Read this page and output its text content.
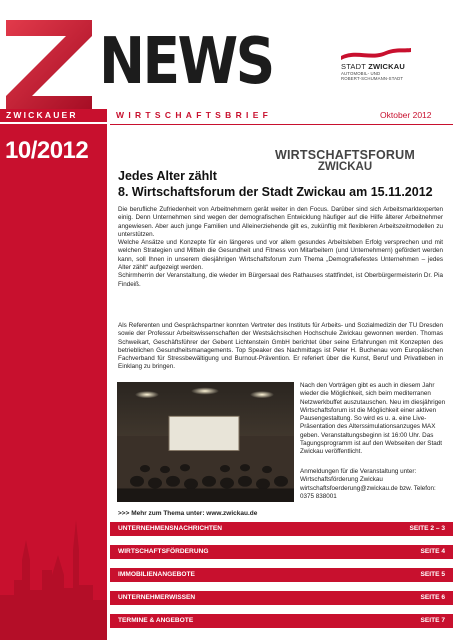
NEWS	STADT ZWICKAU
AUTOMOBIL- UND
ROBERT-SCHUMANN-STADT
ZWICKAUER	WIRTSCHAFTSBRIEF	Oktober 2012
10/2012	WIRTSCHAFTSFORUM
ZWICKAU
Jedes Alter zählt
8. Wirtschaftsforum der Stadt Zwickau am 15.11.2012

Die berufliche Zufriedenheit von Arbeitnehmern gerät weiter in den Focus. Darüber sind sich Arbeitsmarktexperten einig. Denn Unternehmen sind wegen der demografischen Entwicklung häufiger auf die Hilfe älterer Arbeitnehmer angewiesen. Aber auch junge Familien und Alleinerziehende gilt es, zukünftig mit flexibleren Arbeitszeitmodellen zu unterstützen.

Welche Ansätze und Konzepte für ein längeres und vor allem gesundes Arbeitsleben Erfolg versprechen und mit welchen Strategien und Mitteln die Gesundheit und Fitness von Mitarbeitern (und Unternehmern) gefördert werden kann, soll Ihnen in unserem diesjährigen Wirtschaftsforum zum Thema „Demografiefestes Unternehmen – jedes Alter zählt“ aufgezeigt werden.

Schirmherrin der Veranstaltung, die wieder im Bürgersaal des Rathauses stattfindet, ist Oberbürgermeisterin Dr. Pia Findeiß.

Als Referenten und Gesprächspartner konnten Vertreter des Instituts für Arbeits- und Sozialmedizin der TU Dresden sowie der Professur Arbeitswissenschaften der Westsächsischen Hochschule Zwickau gewonnen werden. Thomas Schweikart, Geschäftsführer der Gebent Lichtenstein GmbH berichtet über seine Erfahrungen mit Konzepten des betrieblichen Gesundheitsmanagements. Top Speaker des Nachmittags ist Peter H. Buchenau vom Europäischen Fachverband für Stressbewältigung und Burnout-Prävention. Er referiert über die Kunst, Beruf und Privatleben in Einklang zu bringen.
Nach den Vorträgen gibt es auch in diesem Jahr wieder die Möglichkeit, sich beim mediterranen Netzwerkbuffet auszutauschen. Neu im diesjährigen Wirtschaftsforum ist die Möglichkeit einer aktiven Pausengestaltung. So wird es u. a. eine Live-Präsentation des Alterssimulationsanzuges MAX geben. Veranstaltungsbeginn ist 16:00 Uhr. Das Tagungsprogramm ist auf den Webseiten der Stadt Zwickau veröffentlicht.
>>> Mehr zum Thema unter: www.zwickau.de
UNTERNEHMENSNACHRICHTEN	SEITE 2 – 3
WIRTSCHAFTSFÖRDERUNG	SEITE 4
IMMOBILIENANGEBOTE	SEITE 5
UNTERNEHMERWISSEN	SEITE 6
TERMINE & ANGEBOTE	SEITE 7
Anmeldungen für die Veranstaltung unter: Wirtschaftsförderung Zwickau wirtschaftsfoerderung@zwickau.de bzw. Telefon: 0375 838001
